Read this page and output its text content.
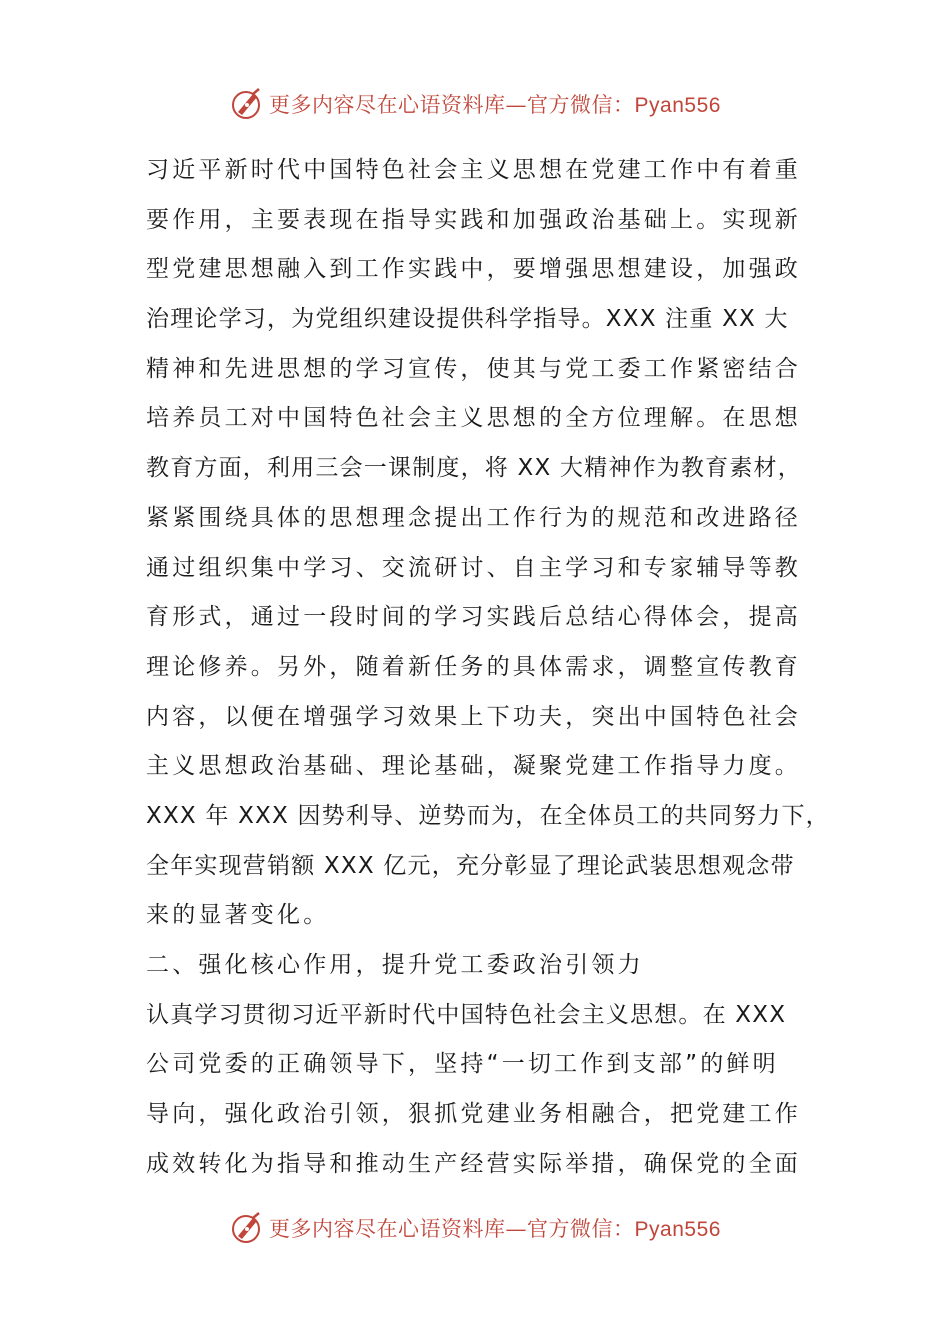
更多内容尽在心语资料库—官方微信：Pyan556
习近平新时代中国特色社会主义思想在党建工作中有着重
要作用，主要表现在指导实践和加强政治基础上。实现新
型党建思想融入到工作实践中，要增强思想建设，加强政
治理论学习，为党组织建设提供科学指导。XXX 注重 XX 大
精神和先进思想的学习宣传，使其与党工委工作紧密结合
培养员工对中国特色社会主义思想的全方位理解。在思想
教育方面，利用三会一课制度，将 XX 大精神作为教育素材，
紧紧围绕具体的思想理念提出工作行为的规范和改进路径
通过组织集中学习、交流研讨、自主学习和专家辅导等教
育形式，通过一段时间的学习实践后总结心得体会，提高
理论修养。另外，随着新任务的具体需求，调整宣传教育
内容，以便在增强学习效果上下功夫，突出中国特色社会
主义思想政治基础、理论基础，凝聚党建工作指导力度。
XXX 年 XXX 因势利导、逆势而为，在全体员工的共同努力下，
全年实现营销额 XXX 亿元，充分彰显了理论武装思想观念带
来的显著变化。
二、强化核心作用，提升党工委政治引领力
认真学习贯彻习近平新时代中国特色社会主义思想。在 XXX
公司党委的正确领导下，坚持“一切工作到支部”的鲜明
导向，强化政治引领，狠抓党建业务相融合，把党建工作
成效转化为指导和推动生产经营实际举措，确保党的全面
更多内容尽在心语资料库—官方微信：Pyan556
